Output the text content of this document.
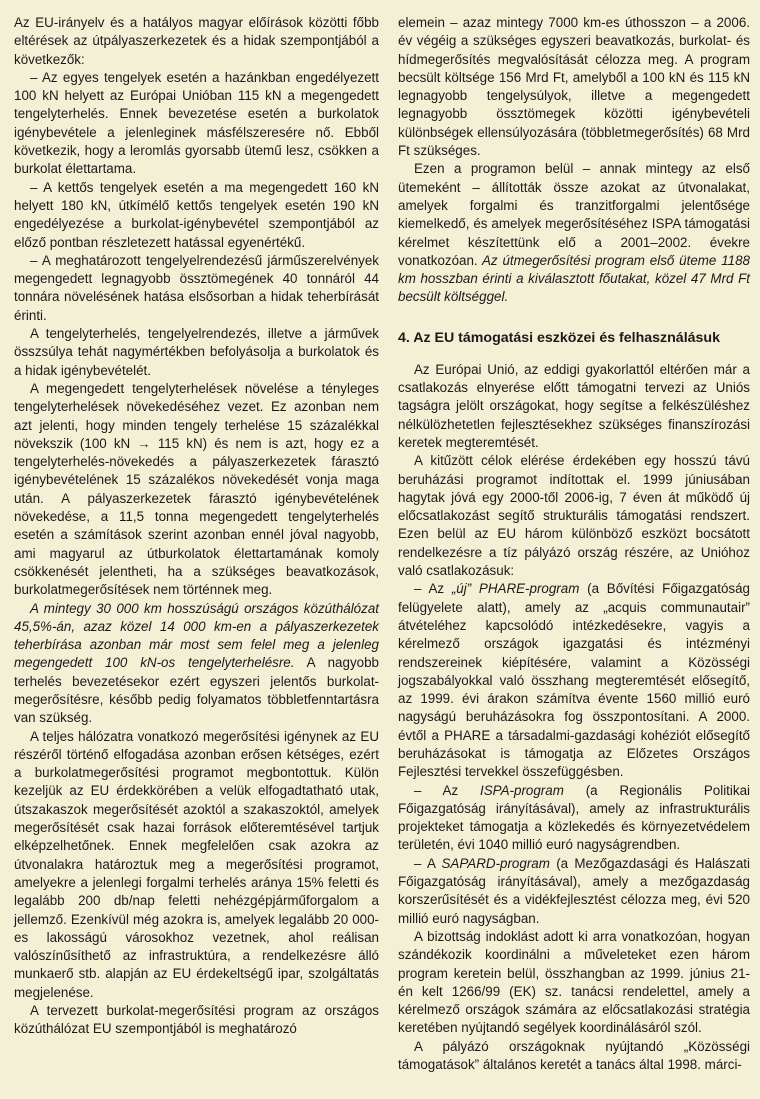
Az EU-irányelv és a hatályos magyar előírások közötti főbb eltérések az útpályaszerkezetek és a hidak szempontjából a következők:

– Az egyes tengelyek esetén a hazánkban engedélyezett 100 kN helyett az Európai Unióban 115 kN a megengedett tengelyterhelés. Ennek bevezetése esetén a burkolatok igénybevétele a jelenleginek másfélszeresére nő. Ebből következik, hogy a leromlás gyorsabb ütemű lesz, csökken a burkolat élettartama.

– A kettős tengelyek esetén a ma megengedett 160 kN helyett 180 kN, útkímélő kettős tengelyek esetén 190 kN engedélyezése a burkolat-igénybevétel szempontjából az előző pontban részletezett hatással egyenértékű.

– A meghatározott tengelyelrendezésű járműszerelvények megengedett legnagyobb össztömegének 40 tonnáról 44 tonnára növelésének hatása elsősorban a hidak teherbírását érinti.

A tengelyterhelés, tengelyelrendezés, illetve a járművek összsúlya tehát nagymértékben befolyásolja a burkolatok és a hidak igénybevételét.

A megengedett tengelyterhelések növelése a tényleges tengelyterhelések növekedéséhez vezet. Ez azonban nem azt jelenti, hogy minden tengely terhelése 15 százalékkal növekszik (100 kN → 115 kN) és nem is azt, hogy ez a tengelyterhelés-növekedés a pályaszerkezetek fárasztó igénybevételének 15 százalékos növekedését vonja maga után. A pályaszerkezetek fárasztó igénybevételének növekedése, a 11,5 tonna megengedett tengelyterhelés esetén a számítások szerint azonban ennél jóval nagyobb, ami magyarul az útburkolatok élettartamának komoly csökkenését jelentheti, ha a szükséges beavatkozások, burkolatmegerősítések nem történnek meg.

A mintegy 30 000 km hosszúságú országos közúthálózat 45,5%-án, azaz közel 14 000 km-en a pályaszerkezetek teherbírása azonban már most sem felel meg a jelenleg megengedett 100 kN-os tengelyterhelésre. A nagyobb terhelés bevezetésekor ezért egyszeri jelentős burkolat-megerősítésre, később pedig folyamatos többletfenntartásra van szükség.

A teljes hálózatra vonatkozó megerősítési igénynek az EU részéről történő elfogadása azonban erősen kétséges, ezért a burkolatmegerősítési programot megbontottuk. Külön kezeljük az EU érdekkörében a velük elfogadtatható utak, útszakaszok megerősítését azoktól a szakaszoktól, amelyek megerősítését csak hazai források előteremtésével tartjuk elképzelhetőnek. Ennek megfelelően csak azokra az útvonalakra határoztuk meg a megerősítési programot, amelyekre a jelenlegi forgalmi terhelés aránya 15% feletti és legalább 200 db/nap feletti nehézgépjárműforgalom a jellemző. Ezenkívül még azokra is, amelyek legalább 20 000-es lakosságú városokhoz vezetnek, ahol reálisan valószínűsíthető az infrastruktúra, a rendelkezésre álló munkaerő stb. alapján az EU érdekeltségű ipar, szolgáltatás megjelenése.

A tervezett burkolat-megerősítési program az országos közúthálózat EU szempontjából is meghatározó

elemein – azaz mintegy 7000 km-es úthosszon – a 2006. év végéig a szükséges egyszeri beavatkozás, burkolat- és hídmegerősítés megvalósítását célozza meg. A program becsült költsége 156 Mrd Ft, amelyből a 100 kN és 115 kN legnagyobb tengelysúlyok, illetve a megengedett legnagyobb össztömegek közötti igénybevételi különbségek ellensúlyozására (többletmegerősítés) 68 Mrd Ft szükséges.

Ezen a programon belül – annak mintegy az első ütemeként – állították össze azokat az útvonalakat, amelyek forgalmi és tranzitforgalmi jelentősége kiemelkedő, és amelyek megerősítéséhez ISPA támogatási kérelmet készítettünk elő a 2001–2002. évekre vonatkozóan. Az útmegerősítési program első üteme 1188 km hosszban érinti a kiválasztott főutakat, közel 47 Mrd Ft becsült költséggel.

4. Az EU támogatási eszközei és felhasználásuk

Az Európai Unió, az eddigi gyakorlattól eltérően már a csatlakozás elnyerése előtt támogatni tervezi az Uniós tagságra jelölt országokat, hogy segítse a felkészüléshez nélkülözhetetlen fejlesztésekhez szükséges finanszírozási keretek megteremtését.

A kitűzött célok elérése érdekében egy hosszú távú beruházási programot indítottak el. 1999 júniusában hagytak jóvá egy 2000-től 2006-ig, 7 éven át működő új előcsatlakozást segítő strukturális támogatási rendszert. Ezen belül az EU három különböző eszközt bocsátott rendelkezésre a tíz pályázó ország részére, az Unióhoz való csatlakozásuk:

– Az „új” PHARE-program (a Bővítési Főigazgatóság felügyelete alatt), amely az „acquis communautair” átvételéhez kapcsolódó intézkedésekre, vagyis a kérelmező országok igazgatási és intézményi rendszereinek kiépítésére, valamint a Közösségi jogszabályokkal való összhang megteremtését elősegítő, az 1999. évi árakon számítva évente 1560 millió euró nagyságú beruházásokra fog összpontosítani. A 2000. évtől a PHARE a társadalmi-gazdasági kohéziót elősegítő beruházásokat is támogatja az Előzetes Országos Fejlesztési tervekkel összefüggésben.

– Az ISPA-program (a Regionális Politikai Főigazgatóság irányításával), amely az infrastrukturális projekteket támogatja a közlekedés és környezetvédelem területén, évi 1040 millió euró nagyságrendben.

– A SAPARD-program (a Mezőgazdasági és Halászati Főigazgatóság irányításával), amely a mezőgazdaság korszerűsítését és a vidékfejlesztést célozza meg, évi 520 millió euró nagyságban.

A bizottság indoklást adott ki arra vonatkozóan, hogyan szándékozik koordinálni a műveleteket ezen három program keretein belül, összhangban az 1999. június 21-én kelt 1266/99 (EK) sz. tanácsi rendelettel, amely a kérelmező országok számára az előcsatlakozási stratégia keretében nyújtandó segélyek koordinálásáról szól.

A pályázó országoknak nyújtandó „Közösségi támogatások” általános keretét a tanács által 1998. márci-
